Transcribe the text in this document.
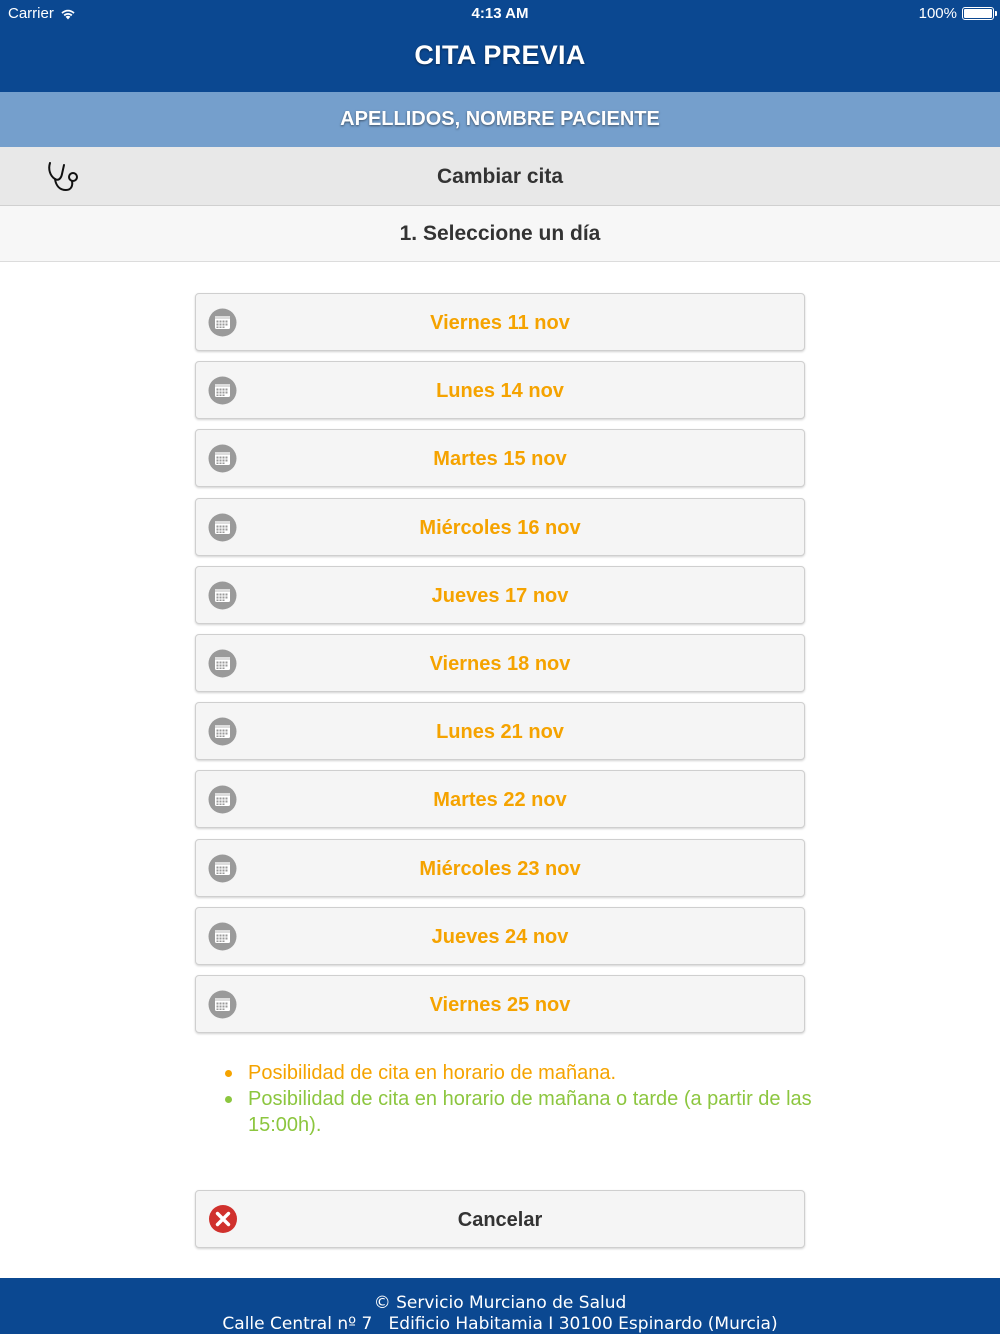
Carrier	4:13 AM	100%
CITA PREVIA
APELLIDOS, NOMBRE PACIENTE
Cambiar cita
1. Seleccione un día
Viernes 11 nov
Lunes 14 nov
Martes 15 nov
Miércoles 16 nov
Jueves 17 nov
Viernes 18 nov
Lunes 21 nov
Martes 22 nov
Miércoles 23 nov
Jueves 24 nov
Viernes 25 nov
Posibilidad de cita en horario de mañana.
Posibilidad de cita en horario de mañana o tarde (a partir de las 15:00h).
Cancelar
© Servicio Murciano de Salud
Calle Central nº 7   Edificio Habitamia I 30100 Espinardo (Murcia)
